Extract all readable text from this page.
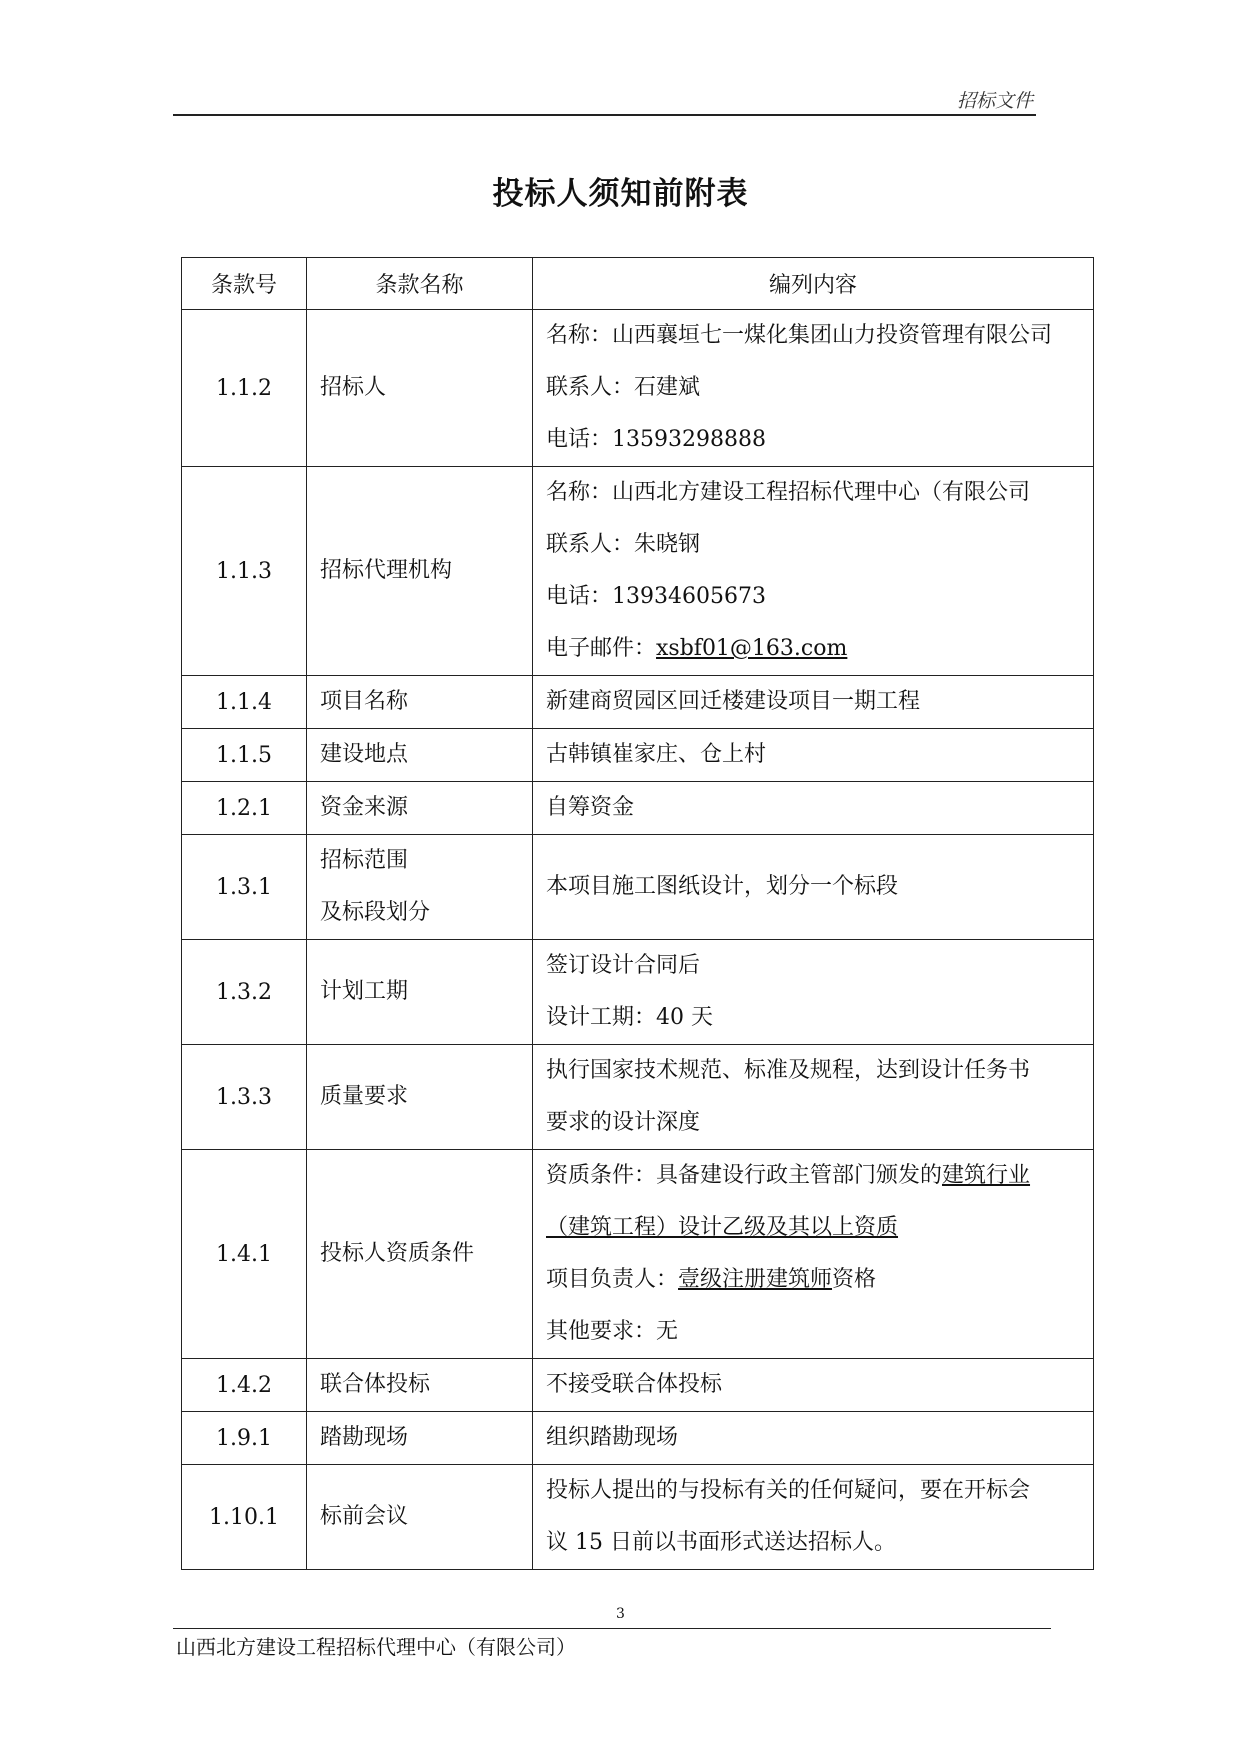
招标文件
投标人须知前附表
条款号	条款名称	编列内容
1.1.2	招标人	名称：山西襄垣七一煤化集团山力投资管理有限公司
联系人：石建斌
电话：13593298888

1.1.3	招标代理机构	名称：山西北方建设工程招标代理中心（有限公司
联系人：朱晓钢
电话：13934605673
电子邮件：xsbf01@163.com

1.1.4	项目名称	新建商贸园区回迁楼建设项目一期工程

1.1.5	建设地点	古韩镇崔家庄、仓上村

1.2.1	资金来源	自筹资金

1.3.1	招标范围
及标段划分	本项目施工图纸设计，划分一个标段

1.3.2	计划工期	签订设计合同后
设计工期：40 天

1.3.3	质量要求	执行国家技术规范、标准及规程，达到设计任务书
要求的设计深度

1.4.1	投标人资质条件	资质条件：具备建设行政主管部门颁发的建筑行业
（建筑工程）设计乙级及其以上资质
项目负责人：壹级注册建筑师资格
其他要求：无

1.4.2	联合体投标	不接受联合体投标

1.9.1	踏勘现场	组织踏勘现场

1.10.1	标前会议	投标人提出的与投标有关的任何疑问，要在开标会
议 15 日前以书面形式送达招标人。
3
山西北方建设工程招标代理中心（有限公司）
